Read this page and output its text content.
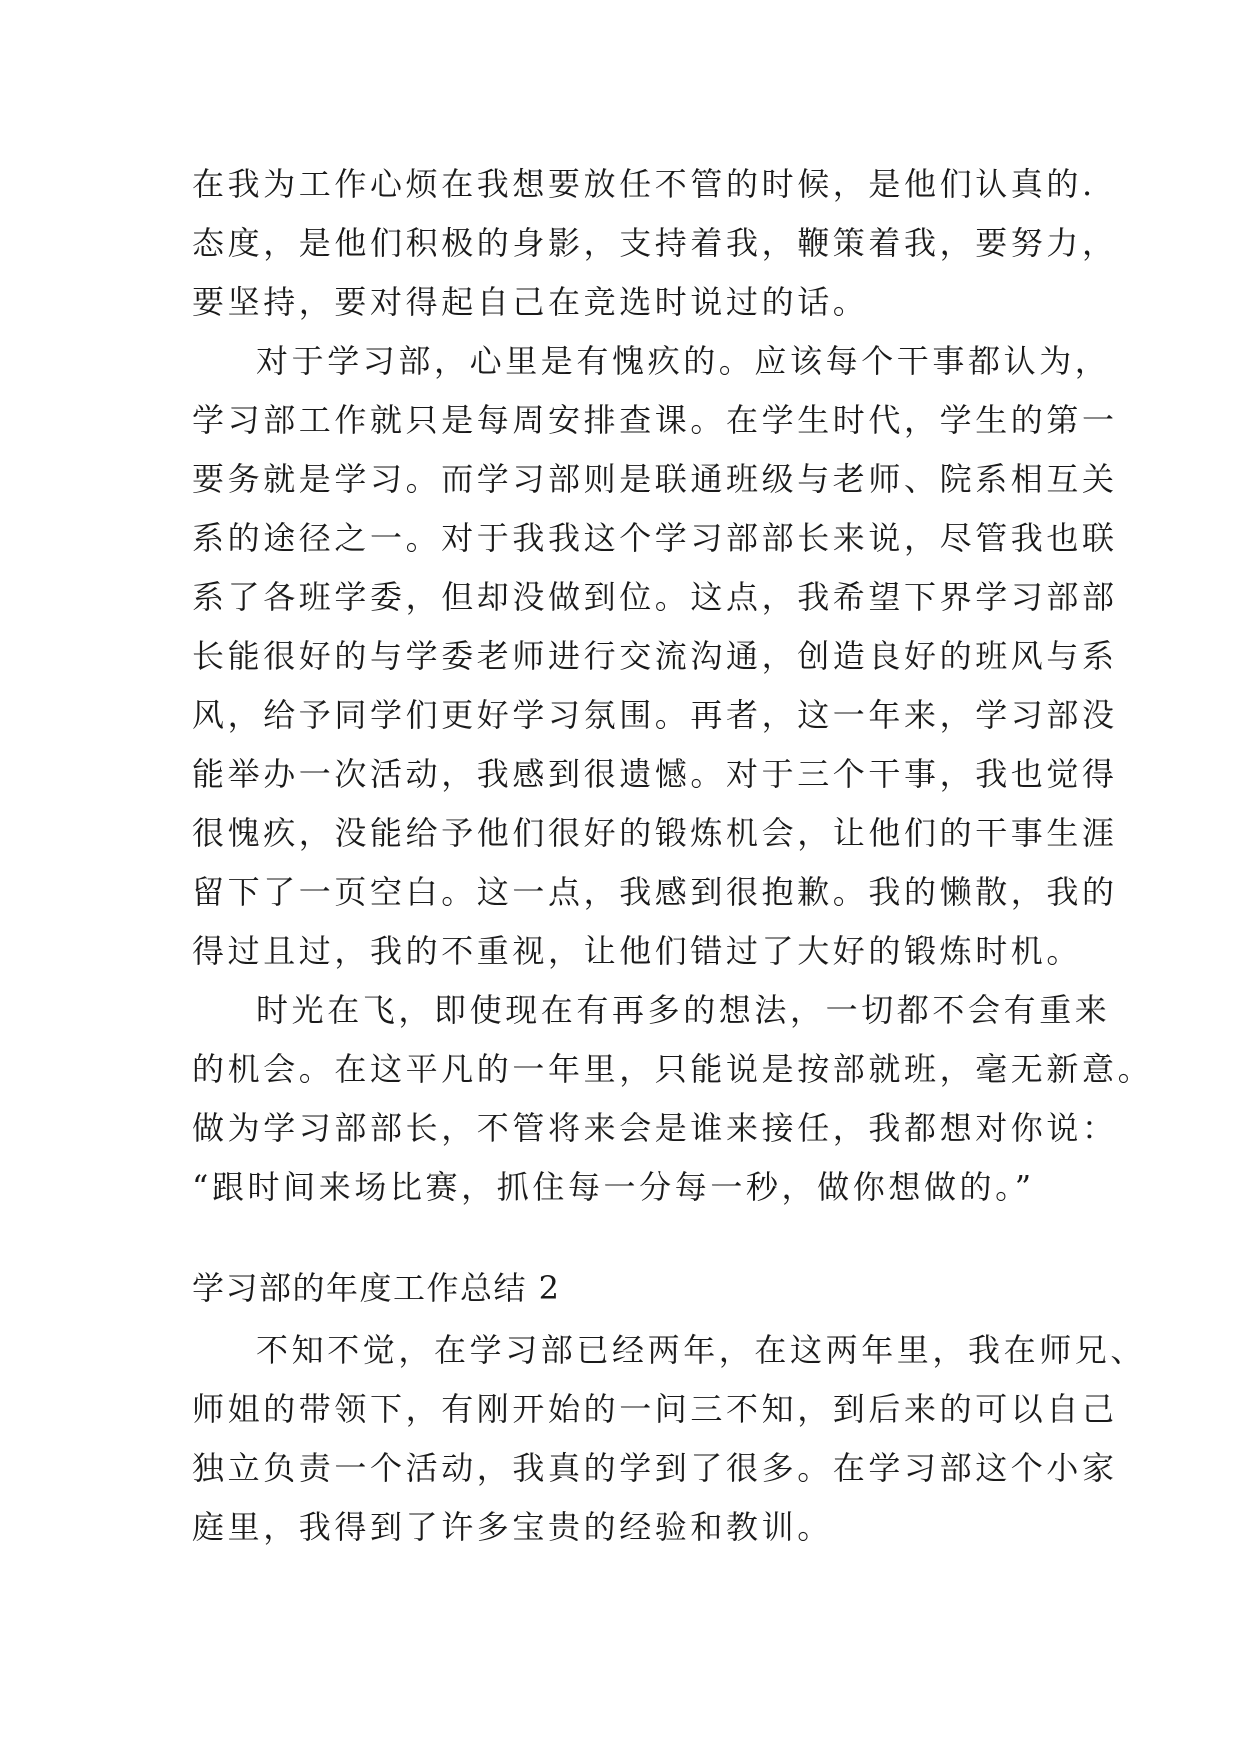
在我为工作心烦在我想要放任不管的时候，是他们认真的.
态度，是他们积极的身影，支持着我，鞭策着我，要努力，
要坚持，要对得起自己在竞选时说过的话。
对于学习部，心里是有愧疚的。应该每个干事都认为，
学习部工作就只是每周安排查课。在学生时代，学生的第一
要务就是学习。而学习部则是联通班级与老师、院系相互关
系的途径之一。对于我我这个学习部部长来说，尽管我也联
系了各班学委，但却没做到位。这点，我希望下界学习部部
长能很好的与学委老师进行交流沟通，创造良好的班风与系
风，给予同学们更好学习氛围。再者，这一年来，学习部没
能举办一次活动，我感到很遗憾。对于三个干事，我也觉得
很愧疚，没能给予他们很好的锻炼机会，让他们的干事生涯
留下了一页空白。这一点，我感到很抱歉。我的懒散，我的
得过且过，我的不重视，让他们错过了大好的锻炼时机。
时光在飞，即使现在有再多的想法，一切都不会有重来
的机会。在这平凡的一年里，只能说是按部就班，毫无新意。
做为学习部部长，不管将来会是谁来接任，我都想对你说：
“跟时间来场比赛，抓住每一分每一秒，做你想做的。”
学习部的年度工作总结 2
不知不觉，在学习部已经两年，在这两年里，我在师兄、
师姐的带领下，有刚开始的一问三不知，到后来的可以自己
独立负责一个活动，我真的学到了很多。在学习部这个小家
庭里，我得到了许多宝贵的经验和教训。
